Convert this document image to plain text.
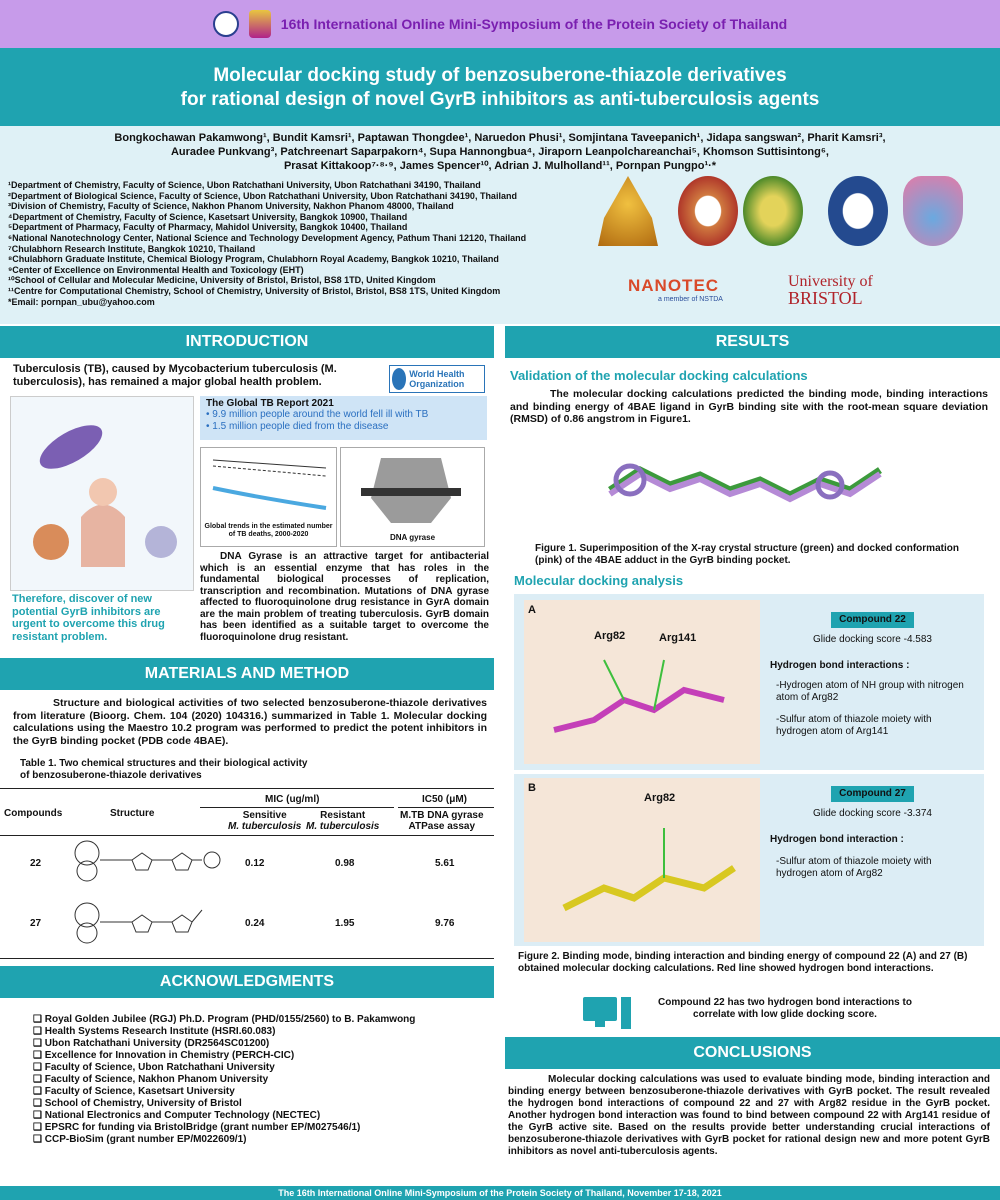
16th International Online Mini-Symposium of the Protein Society of Thailand
Molecular docking study of benzosuberone-thiazole derivatives
for rational design of novel GyrB inhibitors as anti-tuberculosis agents
Bongkochawan Pakamwong¹, Bundit Kamsri¹, Paptawan Thongdee¹, Naruedon Phusi¹, Somjintana Taveepanich¹, Jidapa sangswan², Pharit Kamsri³,
Auradee Punkvang³, Patchreenart Saparpakorn⁴, Supa Hannongbua⁴, Jiraporn Leanpolchareanchai⁵, Khomson Suttisintong⁶,
Prasat Kittakoop⁷·⁸·⁹, James Spencer¹⁰, Adrian J. Mulholland¹¹, Pornpan Pungpo¹·*
¹Department of Chemistry, Faculty of Science, Ubon Ratchathani University, Ubon Ratchathani 34190, Thailand
²Department of Biological Science, Faculty of Science, Ubon Ratchathani University, Ubon Ratchathani 34190, Thailand
³Division of Chemistry, Faculty of Science, Nakhon Phanom University, Nakhon Phanom 48000, Thailand
⁴Department of Chemistry, Faculty of Science, Kasetsart University, Bangkok 10900, Thailand
⁵Department of Pharmacy, Faculty of Pharmacy, Mahidol University, Bangkok 10400, Thailand
⁶National Nanotechnology Center, National Science and Technology Development Agency, Pathum Thani 12120, Thailand
⁷Chulabhorn Research Institute, Bangkok 10210, Thailand
⁸Chulabhorn Graduate Institute, Chemical Biology Program, Chulabhorn Royal Academy, Bangkok 10210, Thailand
⁹Center of Excellence on Environmental Health and Toxicology (EHT)
¹⁰School of Cellular and Molecular Medicine, University of Bristol, Bristol, BS8 1TD, United Kingdom
¹¹Centre for Computational Chemistry, School of Chemistry, University of Bristol, Bristol, BS8 1TS, United Kingdom
*Email: pornpan_ubu@yahoo.com
NANOTEC
a member of NSTDA
University of
BRISTOL
INTRODUCTION
Tuberculosis (TB), caused by Mycobacterium tuberculosis (M. tuberculosis), has remained a major global health problem.
World Health Organization
The Global TB Report 2021
• 9.9 million people around the world fell ill with TB
• 1.5 million people died from the disease
Global trends in the estimated number of TB deaths, 2000-2020	DNA gyrase
Therefore, discover of new potential GyrB inhibitors are urgent to overcome this drug resistant problem.
DNA Gyrase is an attractive target for antibacterial which is an essential enzyme that has roles in the fundamental biological processes of replication, transcription and recombination. Mutations of DNA gyrase affected to fluoroquinolone drug resistance in GyrA domain are the main problem of treating tuberculosis. GyrB domain has been identified as a suitable target to overcome the fluoroquinolone drug resistant.
MATERIALS AND METHOD
Structure and biological activities of two selected benzosuberone-thiazole derivatives from literature (Bioorg. Chem. 104 (2020) 104316.) summarized in Table 1. Molecular docking calculations using the Maestro 10.2 program was performed to predict the potent inhibitors in the GyrB binding pocket (PDB code 4BAE).
Table 1. Two chemical structures and their biological activity
of benzosuberone-thiazole derivatives
Compounds	Structure
MIC (ug/ml)	IC50 (μM)
Sensitive
M. tuberculosis
Resistant
M. tuberculosis
M.TB DNA gyrase
ATPase assay
22	0.12	0.98	5.61
27	0.24	1.95	9.76
ACKNOWLEDGMENTS
❑ Royal Golden Jubilee (RGJ) Ph.D. Program (PHD/0155/2560) to B. Pakamwong
❑ Health Systems Research Institute (HSRI.60.083)
❑ Ubon Ratchathani University (DR2564SC01200)
❑ Excellence for Innovation in Chemistry (PERCH-CIC)
❑ Faculty of Science, Ubon Ratchathani University
❑ Faculty of Science, Nakhon Phanom University
❑ Faculty of Science, Kasetsart University
❑ School of Chemistry, University of Bristol
❑ National Electronics and Computer Technology (NECTEC)
❑ EPSRC for funding via BristolBridge (grant number EP/M027546/1)
❑ CCP-BioSim (grant number EP/M022609/1)
RESULTS
Validation of the molecular docking calculations
The molecular docking calculations predicted the binding mode, binding interactions and binding energy of 4BAE ligand in GyrB binding site with the root-mean square deviation (RMSD) of 0.86 angstrom in Figure1.
Figure 1. Superimposition of the X-ray crystal structure (green) and docked conformation (pink) of the 4BAE adduct in the GyrB binding pocket.
Molecular docking analysis
A
Arg82	Arg141
Compound 22
Glide docking score -4.583
Hydrogen bond interactions :
-Hydrogen atom of NH group with nitrogen atom of Arg82
-Sulfur atom of thiazole moiety with hydrogen atom of Arg141
B
Arg82	Compound 27
Glide docking score -3.374
Hydrogen bond interaction :
-Sulfur atom of thiazole moiety with hydrogen atom of Arg82
Figure 2. Binding mode, binding interaction and binding energy of compound 22 (A) and 27 (B) obtained molecular docking calculations. Red line showed hydrogen bond interactions.
Compound 22 has two hydrogen bond interactions to correlate with low glide docking score.
CONCLUSIONS
Molecular docking calculations was used to evaluate binding mode, binding interaction and binding energy between benzosuberone-thiazole derivatives with GyrB pocket. The result revealed the hydrogen bond interactions of compound 22 and 27 with Arg82 residue in the GyrB pocket. Another hydrogen bond interaction was found to bind between compound 22 with Arg141 residue of the GyrB active site. Based on the results provide better understanding crucial interactions of benzosuberone-thiazole derivatives with GyrB pocket for rational design new and more potent GyrB inhibitors as novel anti-tuberculosis agents.
The 16th International Online Mini-Symposium of the Protein Society of Thailand, November 17-18, 2021
